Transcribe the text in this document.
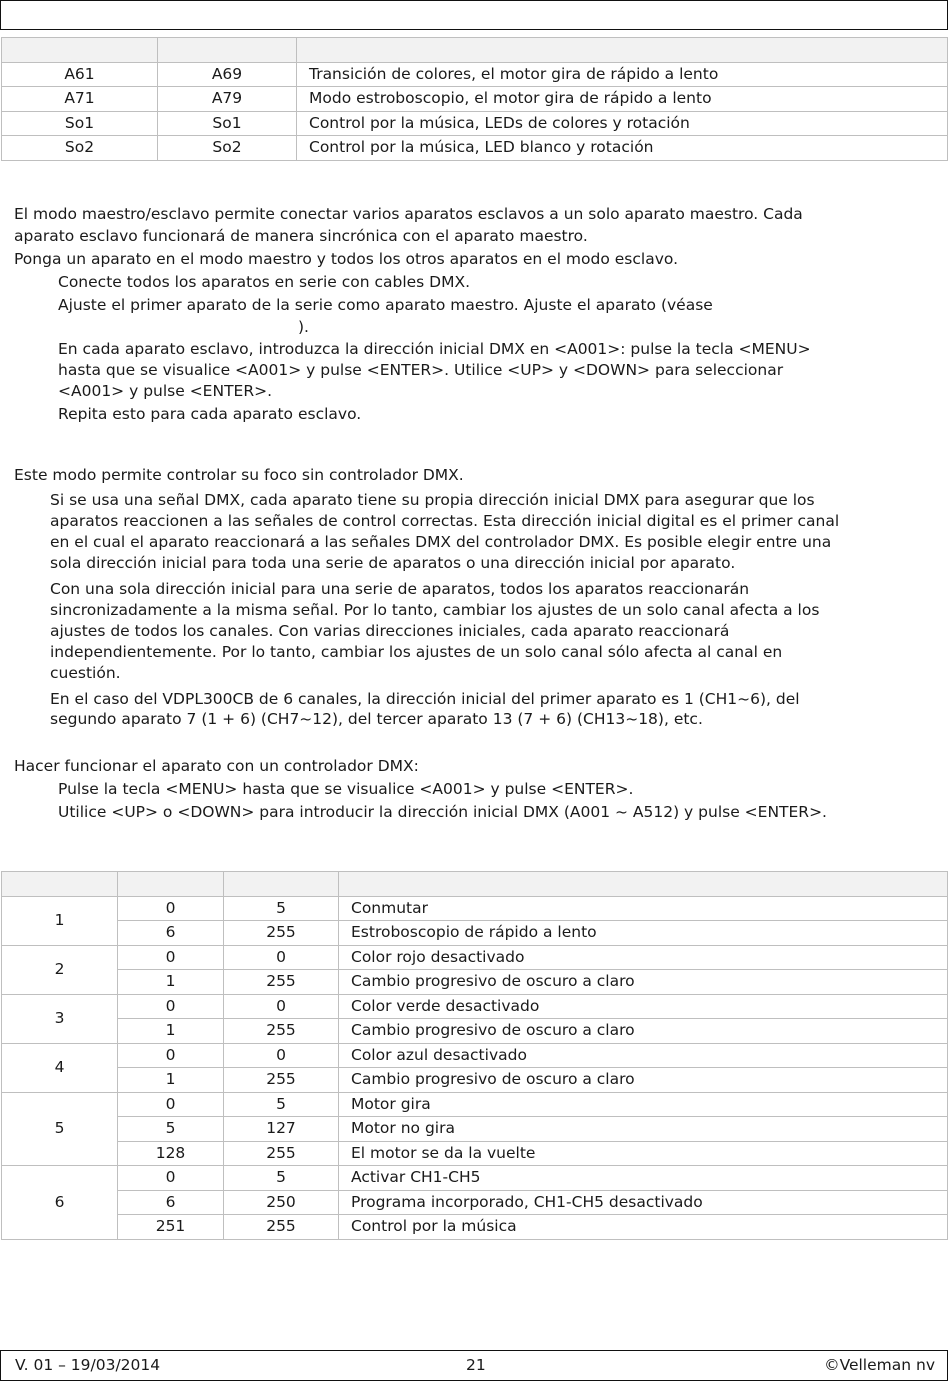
A61	A69	Transición de colores, el motor gira de rápido a lento
A71	A79	Modo estroboscopio, el motor gira de rápido a lento
So1	So1	Control por la música, LEDs de colores y rotación
So2	So2	Control por la música, LED blanco y rotación
El modo maestro/esclavo permite conectar varios aparatos esclavos a un solo aparato maestro. Cada
aparato esclavo funcionará de manera sincrónica con el aparato maestro.
Ponga un aparato en el modo maestro y todos los otros aparatos en el modo esclavo.
Conecte todos los aparatos en serie con cables DMX.
Ajuste el primer aparato de la serie como aparato maestro. Ajuste el aparato (véase
).
En cada aparato esclavo, introduzca la dirección inicial DMX en <A001>: pulse la tecla <MENU>
hasta que se visualice <A001> y pulse <ENTER>. Utilice <UP> y <DOWN> para seleccionar
<A001> y pulse <ENTER>.
Repita esto para cada aparato esclavo.
Este modo permite controlar su foco sin controlador DMX.
Si se usa una señal DMX, cada aparato tiene su propia dirección inicial DMX para asegurar que los
aparatos reaccionen a las señales de control correctas. Esta dirección inicial digital es el primer canal
en el cual el aparato reaccionará a las señales DMX del controlador DMX. Es posible elegir entre una
sola dirección inicial para toda una serie de aparatos o una dirección inicial por aparato.
Con una sola dirección inicial para una serie de aparatos, todos los aparatos reaccionarán
sincronizadamente a la misma señal. Por lo tanto, cambiar los ajustes de un solo canal afecta a los
ajustes de todos los canales. Con varias direcciones iniciales, cada aparato reaccionará
independientemente. Por lo tanto, cambiar los ajustes de un solo canal sólo afecta al canal en
cuestión.
En el caso del VDPL300CB de 6 canales, la dirección inicial del primer aparato es 1 (CH1~6), del
segundo aparato 7 (1 + 6) (CH7~12), del tercer aparato 13 (7 + 6) (CH13~18), etc.
Hacer funcionar el aparato con un controlador DMX:
Pulse la tecla <MENU> hasta que se visualice <A001> y pulse <ENTER>.
Utilice <UP> o <DOWN> para introducir la dirección inicial DMX (A001 ~ A512) y pulse <ENTER>.

1	0	5	Conmutar
	6	255	Estroboscopio de rápido a lento
2	0	0	Color rojo desactivado
	1	255	Cambio progresivo de oscuro a claro
3	0	0	Color verde desactivado
	1	255	Cambio progresivo de oscuro a claro
4	0	0	Color azul desactivado
	1	255	Cambio progresivo de oscuro a claro
5	0	5	Motor gira
	5	127	Motor no gira
	128	255	El motor se da la vuelte
6	0	5	Activar CH1-CH5
	6	250	Programa incorporado, CH1-CH5 desactivado
	251	255	Control por la música
V. 01 – 19/03/2014	21	©Velleman nv
